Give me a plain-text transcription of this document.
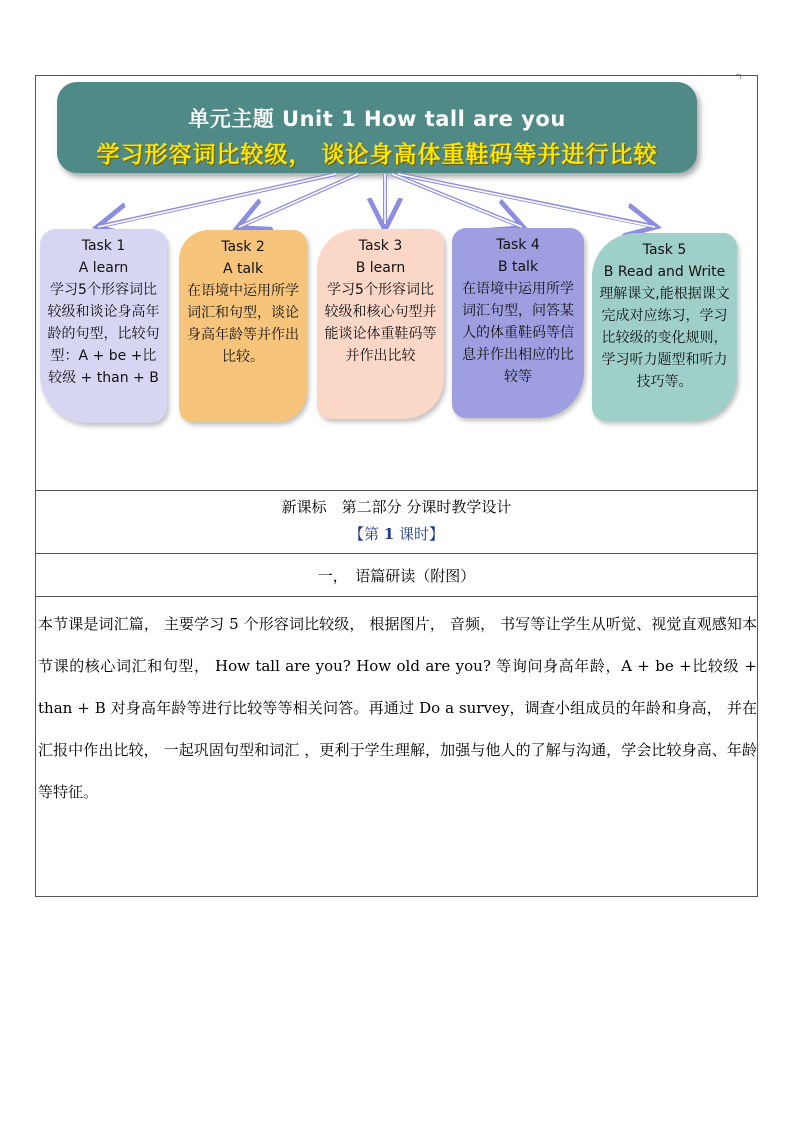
单元主题 Unit 1 How tall are you
学习形容词比较级， 谈论身高体重鞋码等并进行比较
Task 1
A learn
学习5个形容词比较级和谈论身高年龄的句型，比较句型：A + be +比较级 + than + B
Task 2
A talk
在语境中运用所学词汇和句型，谈论身高年龄等并作出比较。
Task 3
B learn
学习5个形容词比较级和核心句型并能谈论体重鞋码等并作出比较
Task 4
B talk
在语境中运用所学词汇句型，问答某人的体重鞋码等信息并作出相应的比较等
Task 5
B Read and Write
理解课文,能根据课文完成对应练习，学习比较级的变化规则，学习听力题型和听力技巧等。
新课标　第二部分 分课时教学设计
【第 1 课时】
一，　语篇研读（附图）

本节课是词汇篇， 主要学习 5 个形容词比较级， 根据图片， 音频， 书写等让学生从听觉、视觉直观感知本节课的核心词汇和句型， How tall are you? How old are you? 等询问身高年龄，A + be +比较级 + than + B 对身高年龄等进行比较等等相关问答。再通过 Do a survey，调查小组成员的年龄和身高， 并在汇报中作出比较， 一起巩固句型和词汇 ，更利于学生理解，加强与他人的了解与沟通，学会比较身高、年龄等特征。
